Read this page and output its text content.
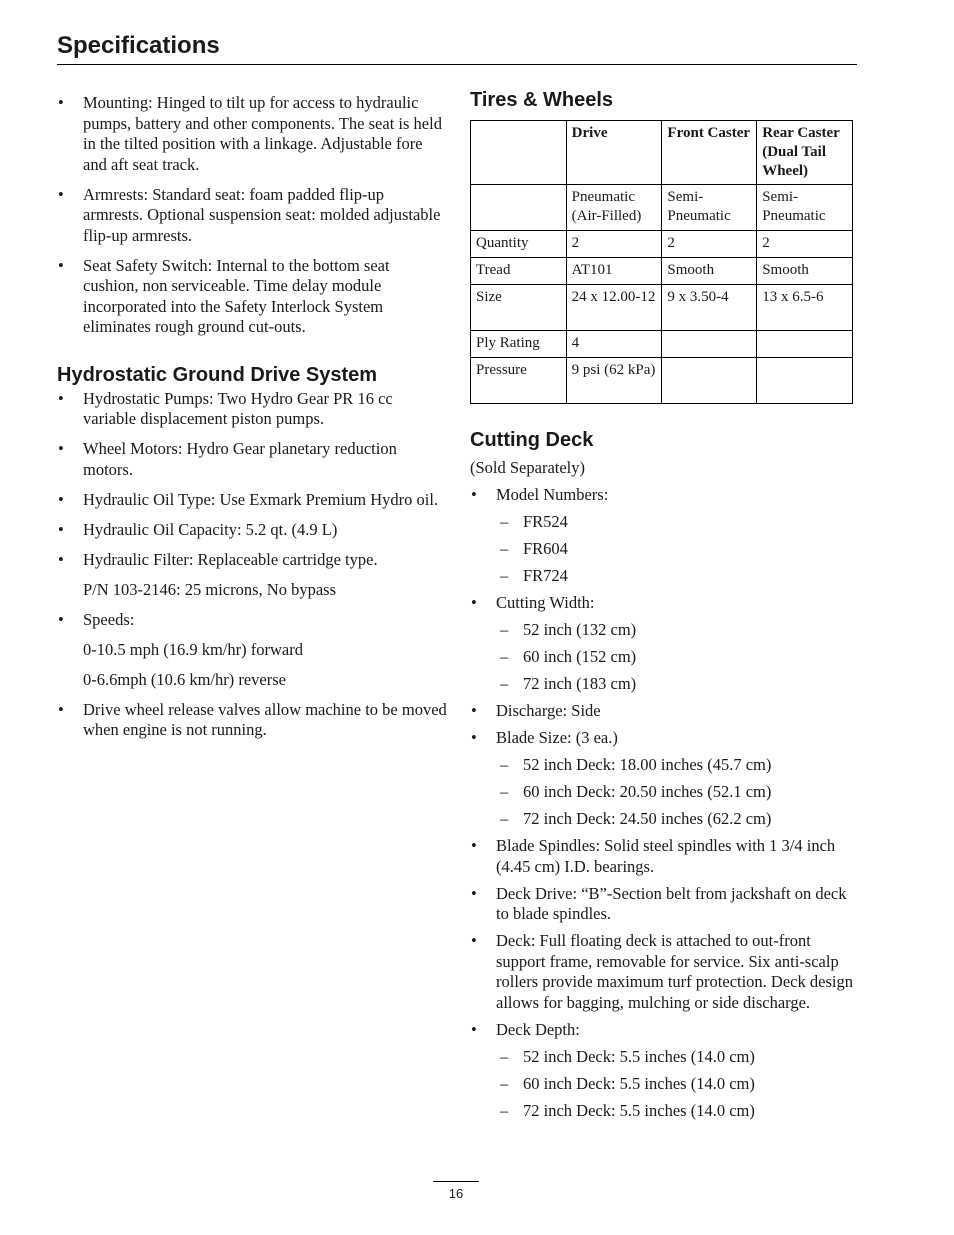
Specifications
• Mounting: Hinged to tilt up for access to hydraulic pumps, battery and other components. The seat is held in the tilted position with a linkage. Adjustable fore and aft seat track.
• Armrests: Standard seat: foam padded flip-up armrests. Optional suspension seat: molded adjustable flip-up armrests.
• Seat Safety Switch: Internal to the bottom seat cushion, non serviceable. Time delay module incorporated into the Safety Interlock System eliminates rough ground cut-outs.
Hydrostatic Ground Drive System
• Hydrostatic Pumps: Two Hydro Gear PR 16 cc variable displacement piston pumps.
• Wheel Motors: Hydro Gear planetary reduction motors.
• Hydraulic Oil Type: Use Exmark Premium Hydro oil.
• Hydraulic Oil Capacity: 5.2 qt. (4.9 L)
• Hydraulic Filter: Replaceable cartridge type.
P/N 103-2146: 25 microns, No bypass
• Speeds:
0-10.5 mph (16.9 km/hr) forward
0-6.6mph (10.6 km/hr) reverse
• Drive wheel release valves allow machine to be moved when engine is not running.
Tires & Wheels
	Drive	Front Caster	Rear Caster (Dual Tail Wheel)
	Pneumatic (Air-Filled)	Semi-Pneumatic	Semi-Pneumatic
Quantity	2	2	2
Tread	AT101	Smooth	Smooth
Size	24 x 12.00-12	9 x 3.50-4	13 x 6.5-6
Ply Rating	4		
Pressure	9 psi (62 kPa)		
Cutting Deck
(Sold Separately)
• Model Numbers:
– FR524
– FR604
– FR724
• Cutting Width:
– 52 inch (132 cm)
– 60 inch (152 cm)
– 72 inch (183 cm)
• Discharge: Side
• Blade Size: (3 ea.)
– 52 inch Deck: 18.00 inches (45.7 cm)
– 60 inch Deck: 20.50 inches (52.1 cm)
– 72 inch Deck: 24.50 inches (62.2 cm)
• Blade Spindles: Solid steel spindles with 1 3/4 inch (4.45 cm) I.D. bearings.
• Deck Drive: “B”-Section belt from jackshaft on deck to blade spindles.
• Deck: Full floating deck is attached to out-front support frame, removable for service. Six anti-scalp rollers provide maximum turf protection. Deck design allows for bagging, mulching or side discharge.
• Deck Depth:
– 52 inch Deck: 5.5 inches (14.0 cm)
– 60 inch Deck: 5.5 inches (14.0 cm)
– 72 inch Deck: 5.5 inches (14.0 cm)
16
